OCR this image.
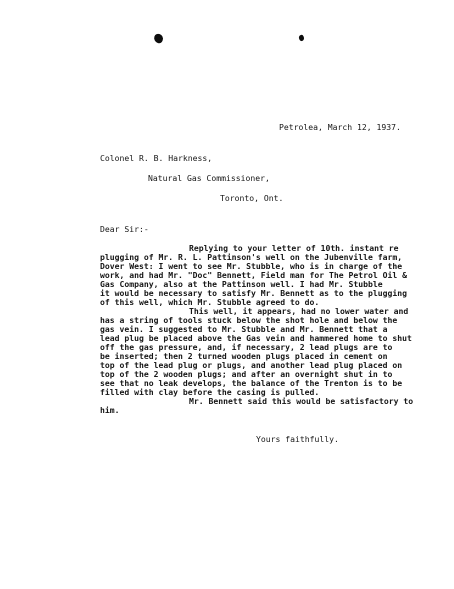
Petrolea, March 12, 1937.
Colonel R. B. Harkness,
Natural Gas Commissioner,
Toronto, Ont.
Dear Sir:-
Replying to your letter of 10th. instant re
plugging of Mr. R. L. Pattinson's well on the Jubenville farm,
Dover West: I went to see Mr. Stubble, who is in charge of the
work, and had Mr. "Doc" Bennett, Field man for The Petrol Oil &
Gas Company, also at the Pattinson well. I had Mr. Stubble
it would be necessary to satisfy Mr. Bennett as to the plugging
of this well, which Mr. Stubble agreed to do.
This well, it appears, had no lower water and
has a string of tools stuck below the shot hole and below the
gas vein. I suggested to Mr. Stubble and Mr. Bennett that a
lead plug be placed above the Gas vein and hammered home to shut
off the gas pressure, and, if necessary, 2 lead plugs are to
be inserted; then 2 turned wooden plugs placed in cement on
top of the lead plug or plugs, and another lead plug placed on
top of the 2 wooden plugs; and after an overnight shut in to
see that no leak develops, the balance of the Trenton is to be
filled with clay before the casing is pulled.
Mr. Bennett said this would be satisfactory to
him.
Yours faithfully.
